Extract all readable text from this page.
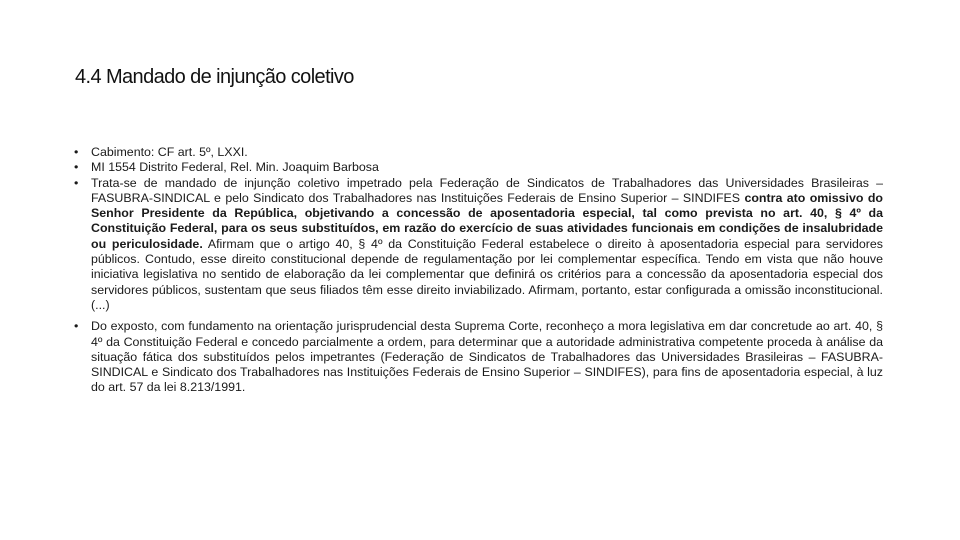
4.4 Mandado de injunção coletivo
•	Cabimento: CF art. 5º, LXXI.
•	MI 1554 Distrito Federal, Rel. Min. Joaquim Barbosa
•	Trata-se de mandado de injunção coletivo impetrado pela Federação de Sindicatos de Trabalhadores das Universidades Brasileiras – FASUBRA-SINDICAL e pelo Sindicato dos Trabalhadores nas Instituições Federais de Ensino Superior – SINDIFES contra ato omissivo do Senhor Presidente da República, objetivando a concessão de aposentadoria especial, tal como prevista no art. 40, § 4º da Constituição Federal, para os seus substituídos, em razão do exercício de suas atividades funcionais em condições de insalubridade ou periculosidade. Afirmam que o artigo 40, § 4º da Constituição Federal estabelece o direito à aposentadoria especial para servidores públicos. Contudo, esse direito constitucional depende de regulamentação por lei complementar específica. Tendo em vista que não houve iniciativa legislativa no sentido de elaboração da lei complementar que definirá os critérios para a concessão da aposentadoria especial dos servidores públicos, sustentam que seus filiados têm esse direito inviabilizado. Afirmam, portanto, estar configurada a omissão inconstitucional. (...)
•	Do exposto, com fundamento na orientação jurisprudencial desta Suprema Corte, reconheço a mora legislativa em dar concretude ao art. 40, § 4º da Constituição Federal e concedo parcialmente a ordem, para determinar que a autoridade administrativa competente proceda à análise da situação fática dos substituídos pelos impetrantes (Federação de Sindicatos de Trabalhadores das Universidades Brasileiras – FASUBRA-SINDICAL e Sindicato dos Trabalhadores nas Instituições Federais de Ensino Superior – SINDIFES), para fins de aposentadoria especial, à luz do art. 57 da lei 8.213/1991.
